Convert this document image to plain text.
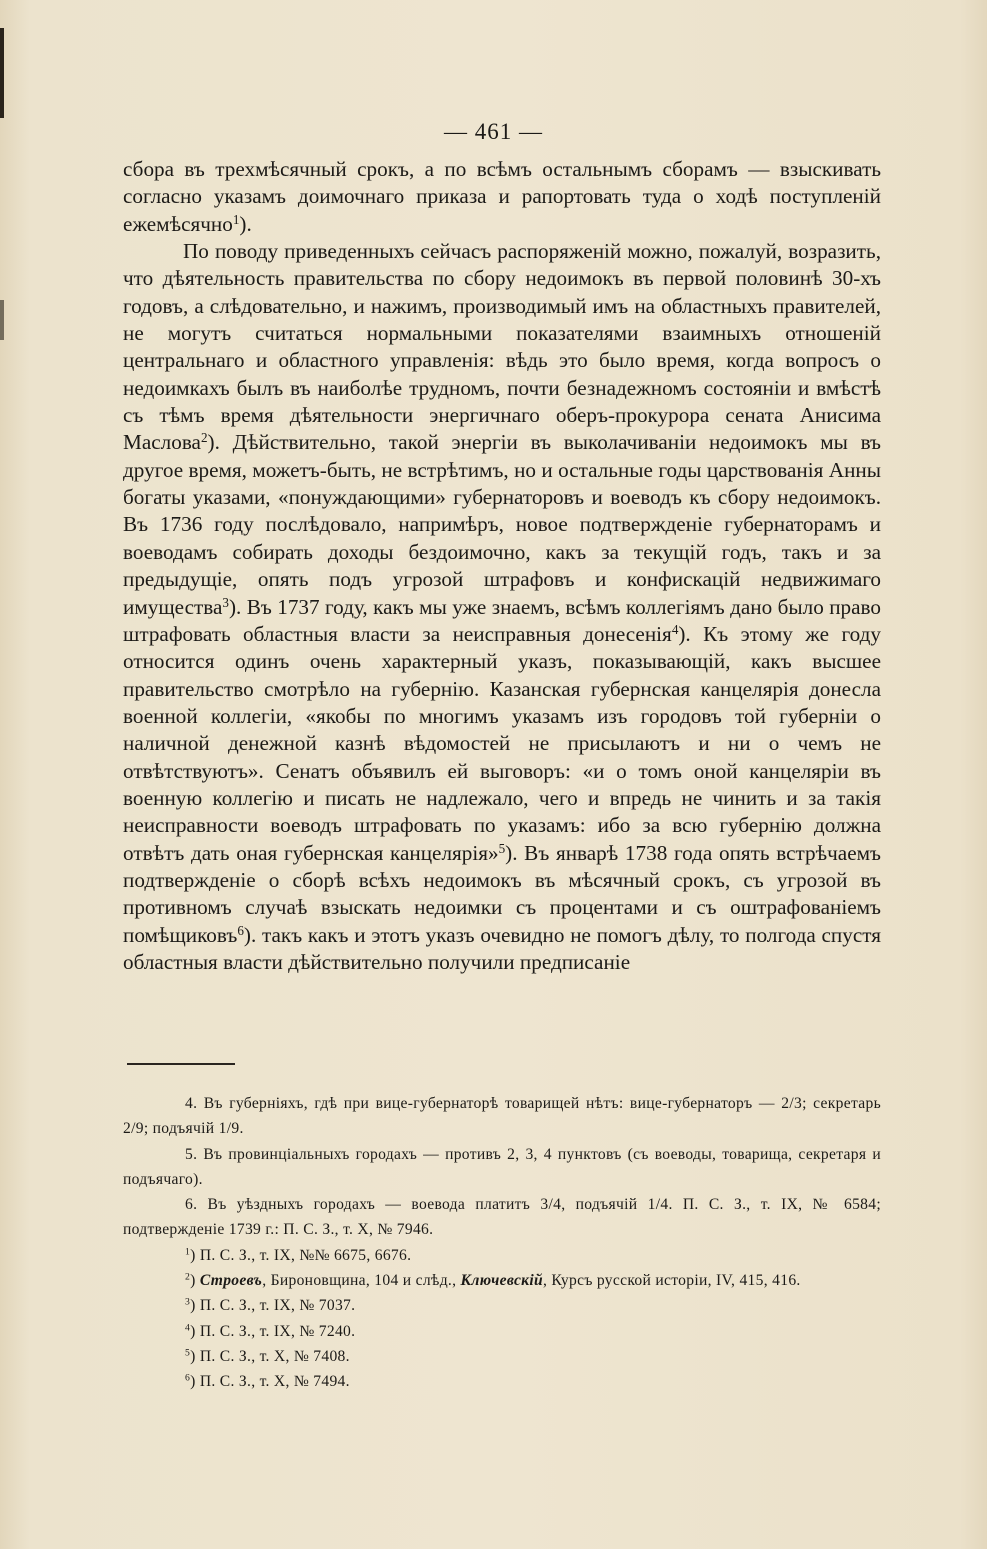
— 461 —

сбора въ трехмѣсячный срокъ, а по всѣмъ остальнымъ сборамъ — взыскивать согласно указамъ доимочнаго приказа и рапортовать туда о ходѣ поступленій ежемѣсячно$^1$).

По поводу приведенныхъ сейчасъ распоряженій можно, пожалуй, возразить, что дѣятельность правительства по сбору недоимокъ въ первой половинѣ 30-хъ годовъ, а слѣдовательно, и нажимъ, производимый имъ на областныхъ правителей, не могутъ считаться нормальными показателями взаимныхъ отношеній центральнаго и областного управленія: вѣдь это было время, когда вопросъ о недоимкахъ былъ въ наиболѣе трудномъ, почти безнадежномъ состояніи и вмѣстѣ съ тѣмъ время дѣятельности энергичнаго оберъ-прокурора сената Анисима Маслова$^2$). Дѣйствительно, такой энергіи въ выколачиваніи недоимокъ мы въ другое время, можетъ-быть, не встрѣтимъ, но и остальные годы царствованія Анны богаты указами, «понуждающими» губернаторовъ и воеводъ къ сбору недоимокъ. Въ 1736 году послѣдовало, напримѣръ, новое подтвержденіе губернаторамъ и воеводамъ собирать доходы бездоимочно, какъ за текущій годъ, такъ и за предыдущіе, опять подъ угрозой штрафовъ и конфискацій недвижимаго имущества$^3$). Въ 1737 году, какъ мы уже знаемъ, всѣмъ коллегіямъ дано было право штрафовать областныя власти за неисправныя донесенія$^4$). Къ этому же году относится одинъ очень характерный указъ, показывающій, какъ высшее правительство смотрѣло на губернію. Казанская губернская канцелярія донесла военной коллегіи, «якобы по многимъ указамъ изъ городовъ той губерніи о наличной денежной казнѣ вѣдомостей не присылаютъ и ни о чемъ не отвѣтствуютъ». Сенатъ объявилъ ей выговоръ: «и о томъ оной канцеляріи въ военную коллегію и писать не надлежало, чего и впредь не чинить и за такія неисправности воеводъ штрафовать по указамъ: ибо за всю губернію должна отвѣтъ дать оная губернская канцелярія»$^5$). Въ январѣ 1738 года опять встрѣчаемъ подтвержденіе о сборѣ всѣхъ недоимокъ въ мѣсячный срокъ, съ угрозой въ противномъ случаѣ взыскать недоимки съ процентами и съ оштрафованіемъ помѣщиковъ$^6$). такъ какъ и этотъ указъ очевидно не помогъ дѣлу, то полгода спустя областныя власти дѣйствительно получили предписаніе

4. Въ губерніяхъ, гдѣ при вице-губернаторѣ товарищей нѣтъ: вице-губернаторъ — 2/3; секретарь 2/9; подъячій 1/9.

5. Въ провинціальныхъ городахъ — противъ 2, 3, 4 пунктовъ (съ воеводы, товарища, секретаря и подъячаго).

6. Въ уѣздныхъ городахъ — воевода платитъ 3/4, подъячій 1/4. П. С. З., т. IX, № 6584; подтвержденіе 1739 г.: П. С. З., т. X, № 7946.

$^1$) П. С. З., т. IX, №№ 6675, 6676.

$^2$) Строевъ, Бироновщина, 104 и слѣд., Ключевскій, Курсъ русской исторіи, IV, 415, 416.

$^3$) П. С. З., т. IX, № 7037.

$^4$) П. С. З., т. IX, № 7240.

$^5$) П. С. З., т. X, № 7408.

$^6$) П. С. З., т. X, № 7494.
